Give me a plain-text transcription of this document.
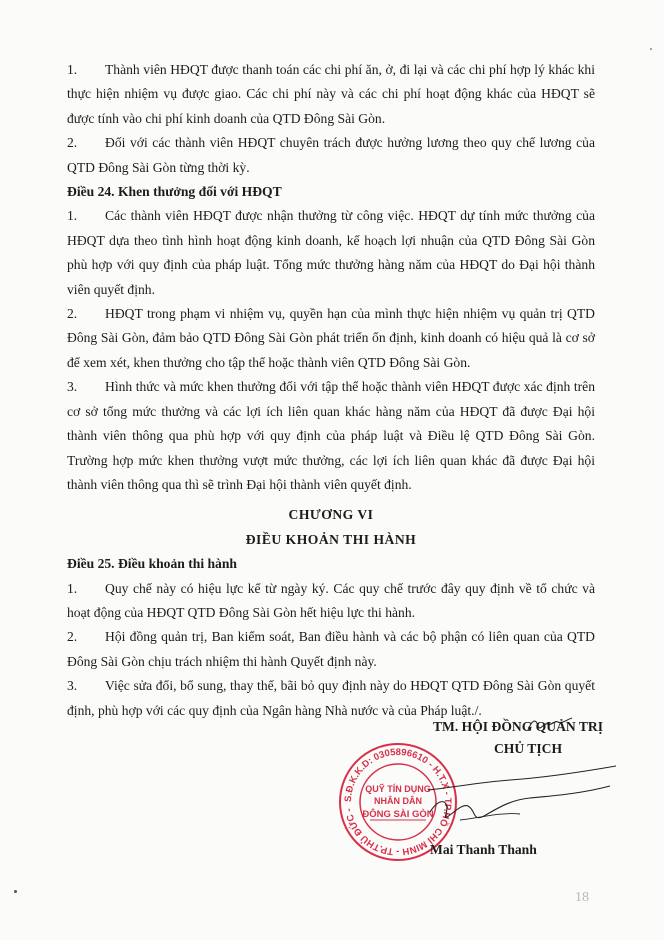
1. Thành viên HĐQT được thanh toán các chi phí ăn, ở, đi lại và các chi phí hợp lý khác khi thực hiện nhiệm vụ được giao. Các chi phí này và các chi phí hoạt động khác của HĐQT sẽ được tính vào chi phí kinh doanh của QTD Đông Sài Gòn.

2. Đối với các thành viên HĐQT chuyên trách được hưởng lương theo quy chế lương của QTD Đông Sài Gòn từng thời kỳ.

Điều 24. Khen thưởng đối với HĐQT

1. Các thành viên HĐQT được nhận thưởng từ công việc. HĐQT dự tính mức thưởng của HĐQT dựa theo tình hình hoạt động kinh doanh, kế hoạch lợi nhuận của QTD Đông Sài Gòn phù hợp với quy định của pháp luật. Tổng mức thưởng hàng năm của HĐQT do Đại hội thành viên quyết định.

2. HĐQT trong phạm vi nhiệm vụ, quyền hạn của mình thực hiện nhiệm vụ quản trị QTD Đông Sài Gòn, đảm bảo QTD Đông Sài Gòn phát triển ổn định, kinh doanh có hiệu quả là cơ sở để xem xét, khen thưởng cho tập thể hoặc thành viên QTD Đông Sài Gòn.

3. Hình thức và mức khen thưởng đối với tập thể hoặc thành viên HĐQT được xác định trên cơ sở tổng mức thưởng và các lợi ích liên quan khác hàng năm của HĐQT đã được Đại hội thành viên thông qua phù hợp với quy định của pháp luật và Điều lệ QTD Đông Sài Gòn. Trường hợp mức khen thưởng vượt mức thưởng, các lợi ích liên quan khác đã được Đại hội thành viên thông qua thì sẽ trình Đại hội thành viên quyết định.

CHƯƠNG VI

ĐIỀU KHOẢN THI HÀNH

Điều 25. Điều khoản thi hành

1. Quy chế này có hiệu lực kể từ ngày ký. Các quy chế trước đây quy định về tổ chức và hoạt động của HĐQT QTD Đông Sài Gòn hết hiệu lực thi hành.

2. Hội đồng quản trị, Ban kiểm soát, Ban điều hành và các bộ phận có liên quan của QTD Đông Sài Gòn chịu trách nhiệm thi hành Quyết định này.

3. Việc sửa đổi, bổ sung, thay thế, bãi bỏ quy định này do HĐQT QTD Đông Sài Gòn quyết định, phù hợp với các quy định của Ngân hàng Nhà nước và của Pháp luật./.

TM. HỘI ĐỒNG QUẢN TRỊ
CHỦ TỊCH
S.Đ.K.K.D: 0305896610 - H.T.X - TP.HỒ CHÍ MINH - TP.THỦ ĐỨC -
QUỸ TÍN DỤNG
NHÂN DÂN
ĐÔNG SÀI GÒN
Mai Thanh Thanh
18
